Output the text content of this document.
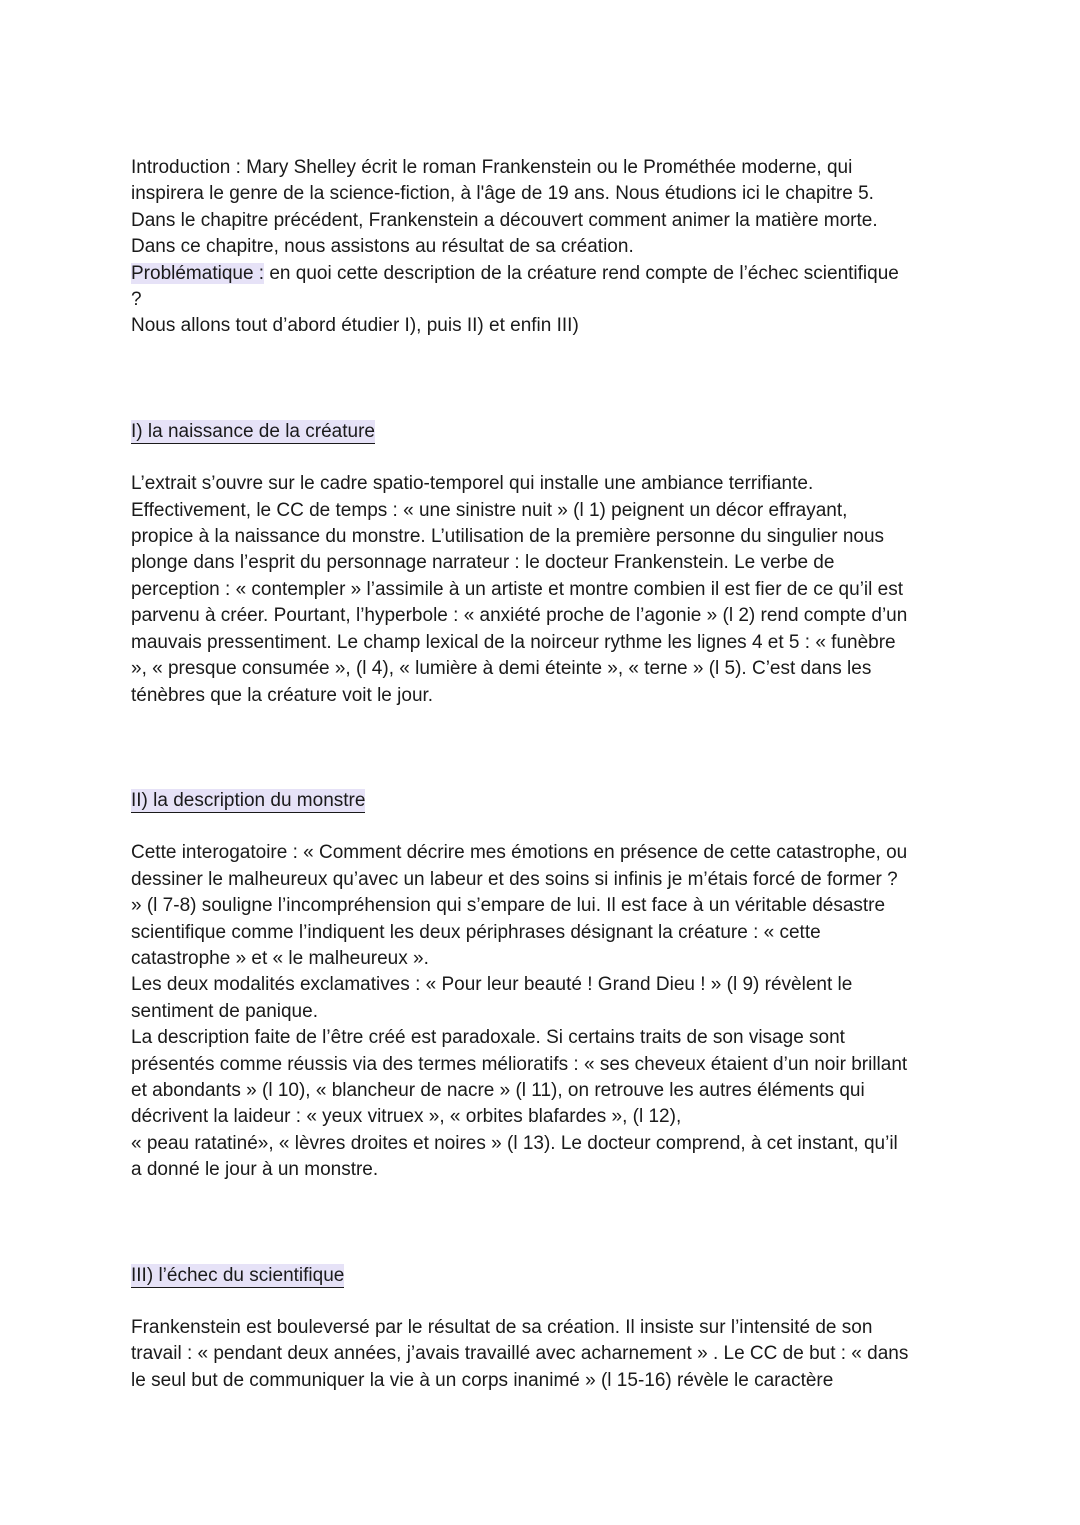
Introduction : Mary Shelley écrit le roman Frankenstein ou le Prométhée moderne, qui
inspirera le genre de la science-fiction, à l'âge de 19 ans. Nous étudions ici le chapitre 5.
Dans le chapitre précédent, Frankenstein a découvert comment animer la matière morte.
Dans ce chapitre, nous assistons au résultat de sa création.
Problématique : en quoi cette description de la créature rend compte de l’échec scientifique
?
Nous allons tout d’abord étudier I), puis II) et enfin III)
I) la naissance de la créature
L’extrait s’ouvre sur le cadre spatio-temporel qui installe une ambiance terrifiante.
Effectivement, le CC de temps : « une sinistre nuit » (l 1) peignent un décor effrayant,
propice à la naissance du monstre. L’utilisation de la première personne du singulier nous
plonge dans l’esprit du personnage narrateur : le docteur Frankenstein. Le verbe de
perception : « contempler » l’assimile à un artiste et montre combien il est fier de ce qu’il est
parvenu à créer. Pourtant, l’hyperbole : « anxiété proche de l’agonie » (l 2) rend compte d’un
mauvais pressentiment. Le champ lexical de la noirceur rythme les lignes 4 et 5 : « funèbre
», « presque consumée », (l 4), « lumière à demi éteinte », « terne » (l 5). C’est dans les
ténèbres que la créature voit le jour.
II) la description du monstre
Cette interogatoire : « Comment décrire mes émotions en présence de cette catastrophe, ou
dessiner le malheureux qu’avec un labeur et des soins si infinis je m’étais forcé de former ?
» (l 7-8) souligne l’incompréhension qui s’empare de lui. Il est face à un véritable désastre
scientifique comme l’indiquent les deux périphrases désignant la créature : « cette
catastrophe » et « le malheureux ».
Les deux modalités exclamatives : « Pour leur beauté ! Grand Dieu ! » (l 9) révèlent le
sentiment de panique.
La description faite de l’être créé est paradoxale. Si certains traits de son visage sont
présentés comme réussis via des termes mélioratifs : « ses cheveux étaient d’un noir brillant
et abondants » (l 10), « blancheur de nacre » (l 11), on retrouve les autres éléments qui
décrivent la laideur : « yeux vitruex », « orbites blafardes », (l 12),
« peau ratatiné», « lèvres droites et noires » (l 13). Le docteur comprend, à cet instant, qu’il
a donné le jour à un monstre.
III) l’échec du scientifique
Frankenstein est bouleversé par le résultat de sa création. Il insiste sur l’intensité de son
travail : « pendant deux années, j’avais travaillé avec acharnement » . Le CC de but : « dans
le seul but de communiquer la vie à un corps inanimé » (l 15-16) révèle le caractère
